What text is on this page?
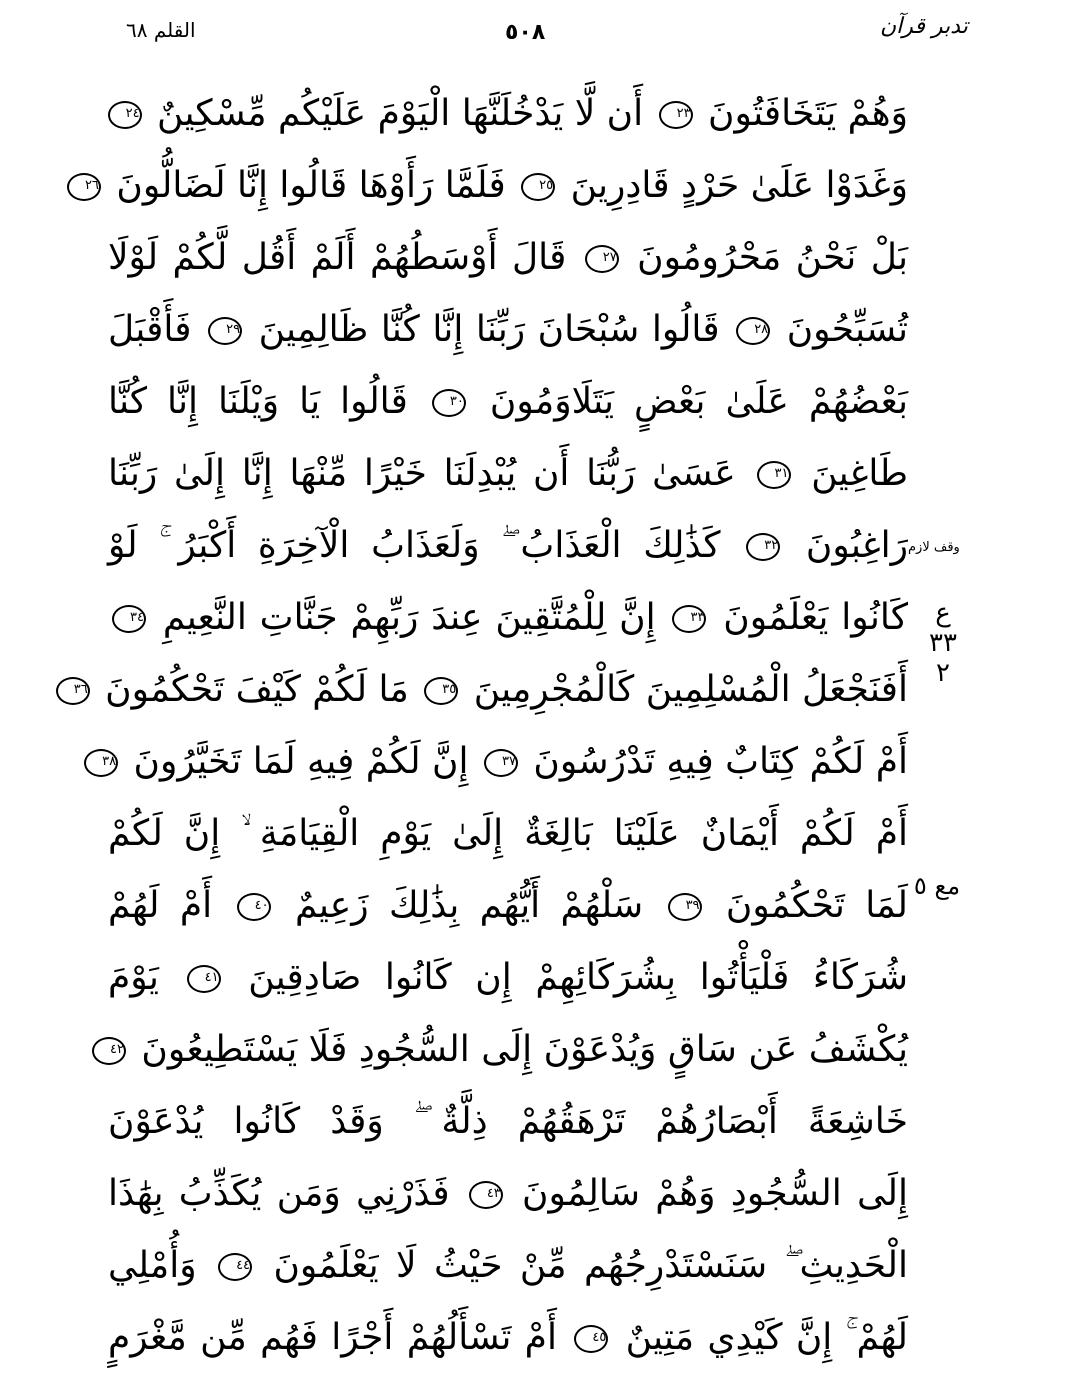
القلم ٦٨	٥٠٨	تدبر قرآن
وقف لازم
ع ٣٣ ٢
مع ٥
وَهُمْ يَتَخَافَتُونَ ٢٣ أَن لَّا يَدْخُلَنَّهَا الْيَوْمَ عَلَيْكُم مِّسْكِينٌ ٢٤
وَغَدَوْا عَلَىٰ حَرْدٍ قَادِرِينَ ٢٥ فَلَمَّا رَأَوْهَا قَالُوا إِنَّا لَضَالُّونَ ٢٦
بَلْ نَحْنُ مَحْرُومُونَ ٢٧ قَالَ أَوْسَطُهُمْ أَلَمْ أَقُل لَّكُمْ لَوْلَا
تُسَبِّحُونَ ٢٨ قَالُوا سُبْحَانَ رَبِّنَا إِنَّا كُنَّا ظَالِمِينَ ٢٩ فَأَقْبَلَ
بَعْضُهُمْ عَلَىٰ بَعْضٍ يَتَلَاوَمُونَ ٣٠ قَالُوا يَا وَيْلَنَا إِنَّا كُنَّا
طَاغِينَ ٣١ عَسَىٰ رَبُّنَا أَن يُبْدِلَنَا خَيْرًا مِّنْهَا إِنَّا إِلَىٰ رَبِّنَا
رَاغِبُونَ ٣٢ كَذَٰلِكَ الْعَذَابُ ۖ وَلَعَذَابُ الْآخِرَةِ أَكْبَرُ ۚ لَوْ
كَانُوا يَعْلَمُونَ ٣٣ إِنَّ لِلْمُتَّقِينَ عِندَ رَبِّهِمْ جَنَّاتِ النَّعِيمِ ٣٤
أَفَنَجْعَلُ الْمُسْلِمِينَ كَالْمُجْرِمِينَ ٣٥ مَا لَكُمْ كَيْفَ تَحْكُمُونَ ٣٦
أَمْ لَكُمْ كِتَابٌ فِيهِ تَدْرُسُونَ ٣٧ إِنَّ لَكُمْ فِيهِ لَمَا تَخَيَّرُونَ ٣٨
أَمْ لَكُمْ أَيْمَانٌ عَلَيْنَا بَالِغَةٌ إِلَىٰ يَوْمِ الْقِيَامَةِ ۙ إِنَّ لَكُمْ
لَمَا تَحْكُمُونَ ٣٩ سَلْهُمْ أَيُّهُم بِذَٰلِكَ زَعِيمٌ ٤٠ أَمْ لَهُمْ
شُرَكَاءُ فَلْيَأْتُوا بِشُرَكَائِهِمْ إِن كَانُوا صَادِقِينَ ٤١ يَوْمَ
يُكْشَفُ عَن سَاقٍ وَيُدْعَوْنَ إِلَى السُّجُودِ فَلَا يَسْتَطِيعُونَ ٤٢
خَاشِعَةً أَبْصَارُهُمْ تَرْهَقُهُمْ ذِلَّةٌ ۖ وَقَدْ كَانُوا يُدْعَوْنَ
إِلَى السُّجُودِ وَهُمْ سَالِمُونَ ٤٣ فَذَرْنِي وَمَن يُكَذِّبُ بِهَٰذَا
الْحَدِيثِ ۖ سَنَسْتَدْرِجُهُم مِّنْ حَيْثُ لَا يَعْلَمُونَ ٤٤ وَأُمْلِي
لَهُمْ ۚ إِنَّ كَيْدِي مَتِينٌ ٤٥ أَمْ تَسْأَلُهُمْ أَجْرًا فَهُم مِّن مَّغْرَمٍ
